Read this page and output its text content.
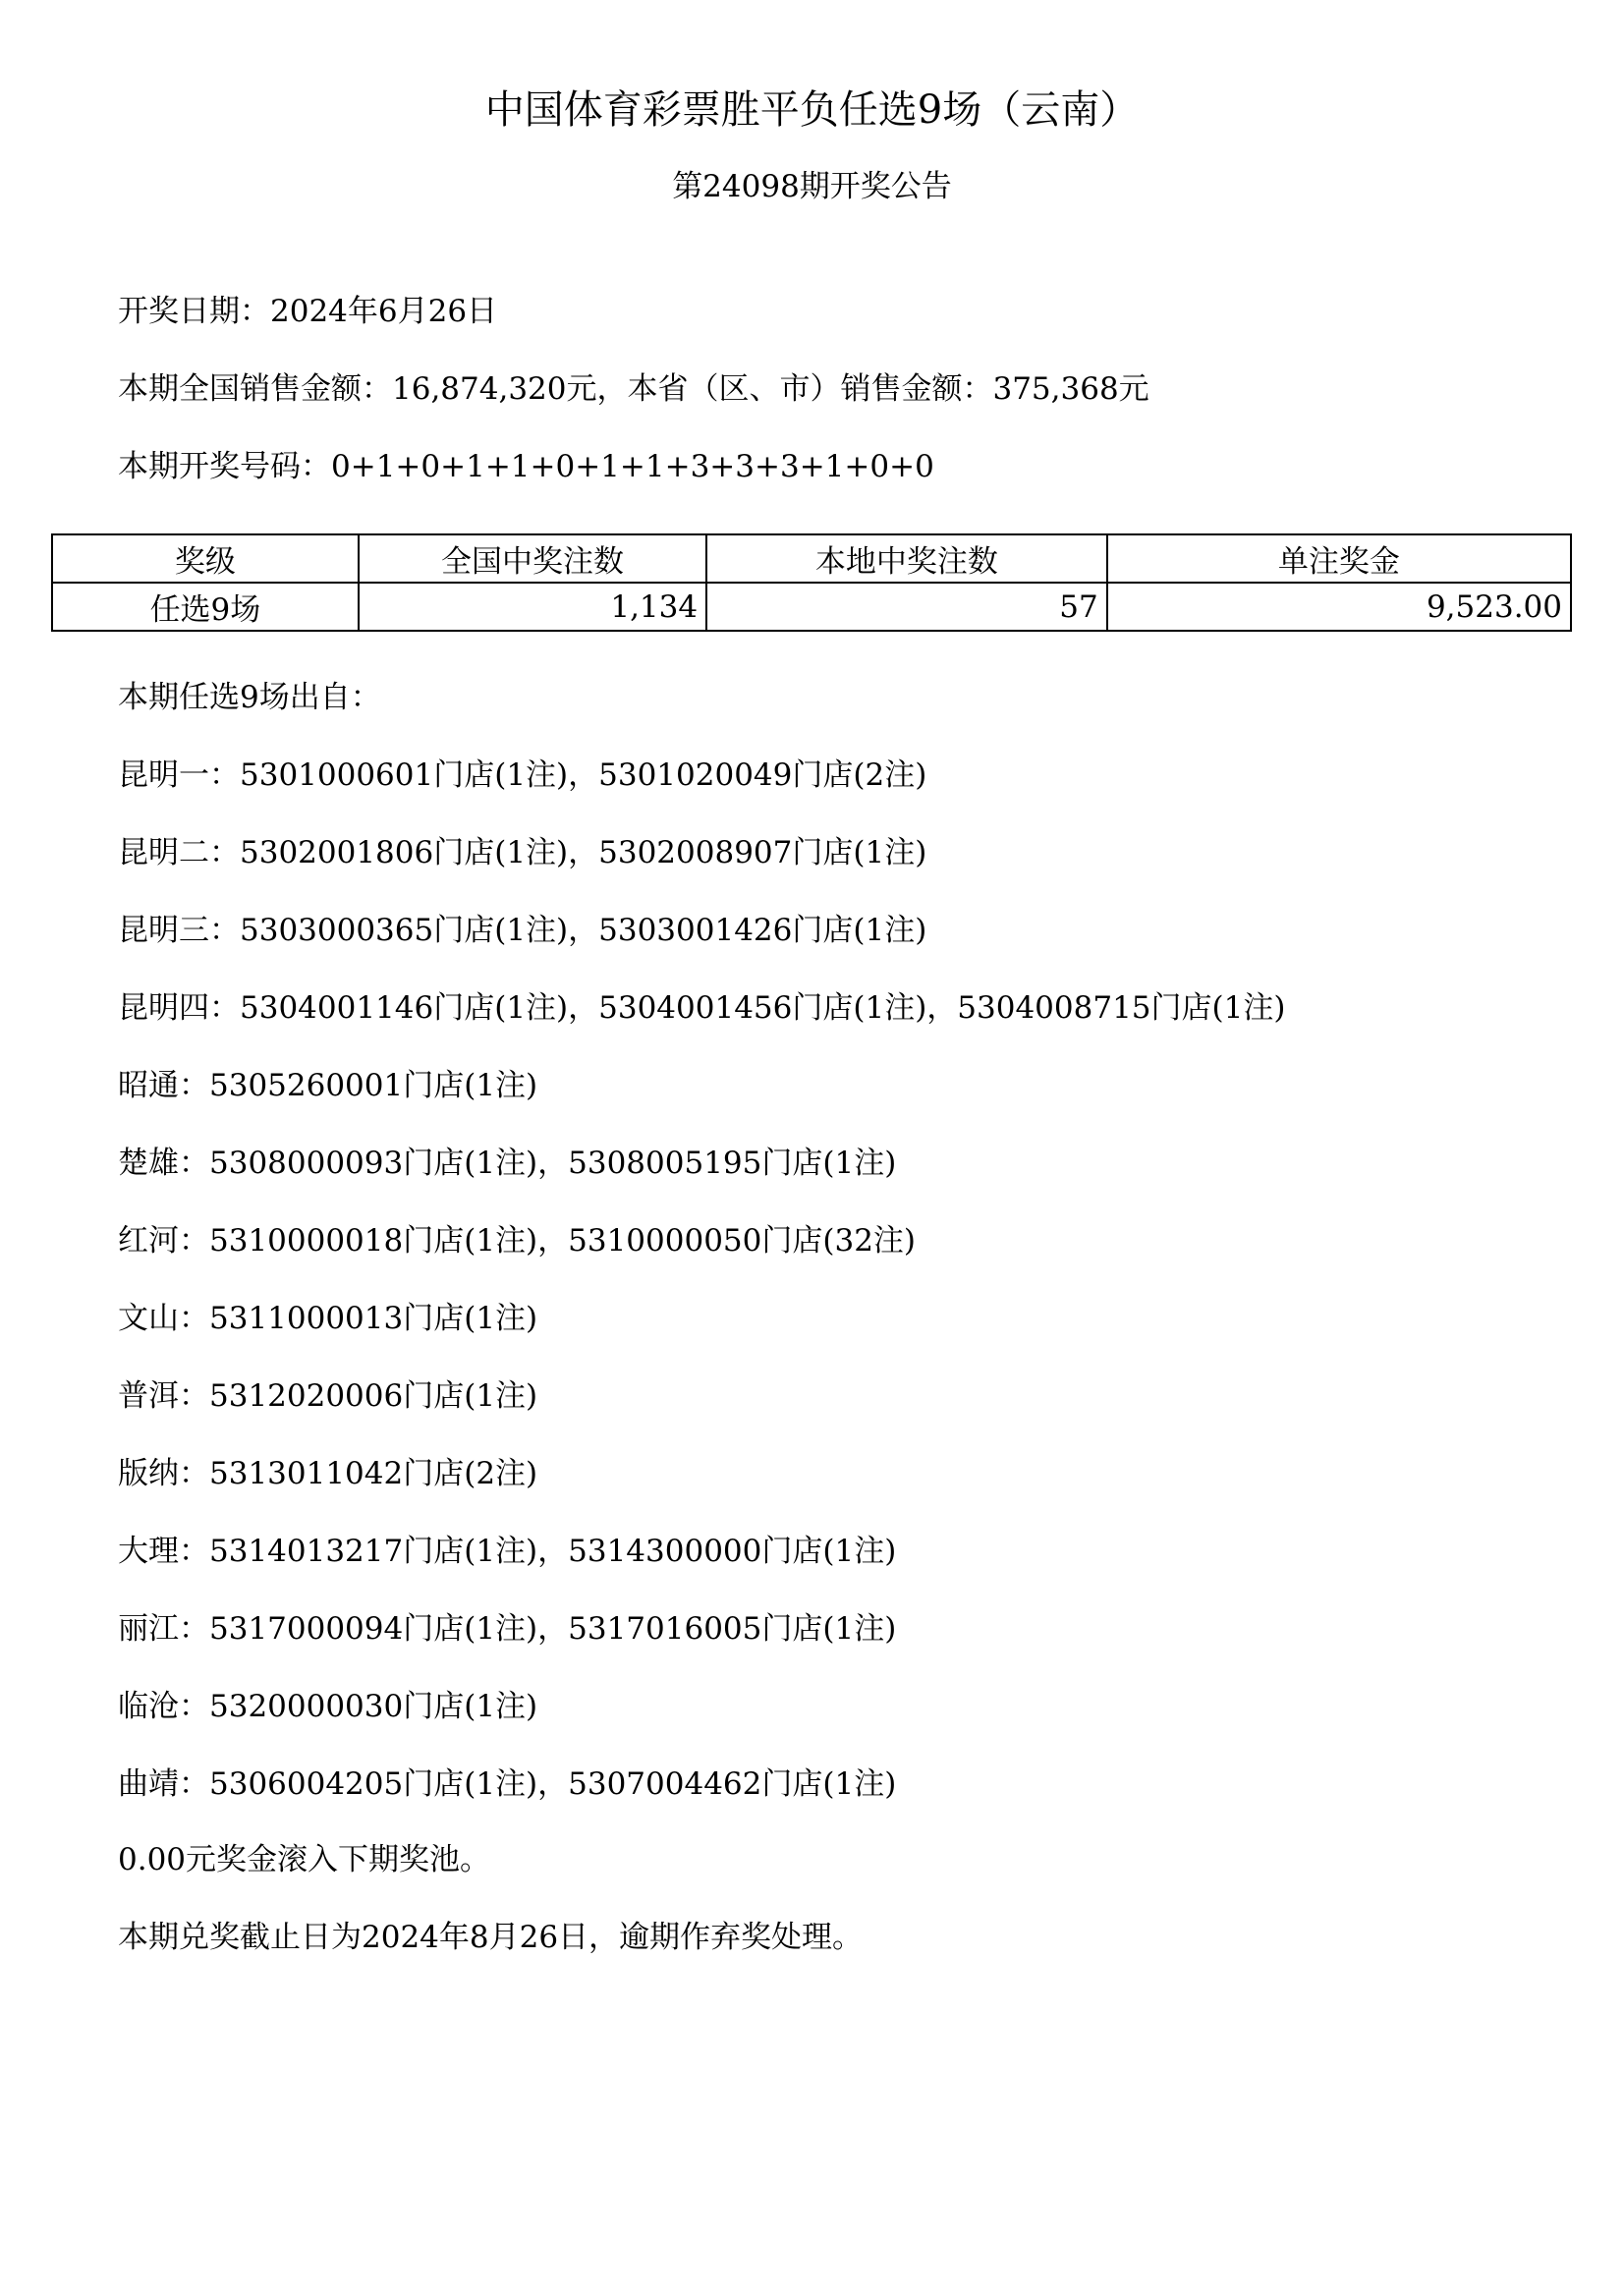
中国体育彩票胜平负任选9场（云南）
第24098期开奖公告
开奖日期：2024年6月26日
本期全国销售金额：16,874,320元，本省（区、市）销售金额：375,368元
本期开奖号码：0+1+0+1+1+0+1+1+3+3+3+1+0+0
奖级	全国中奖注数	本地中奖注数	单注奖金
任选9场	1,134	57	9,523.00
本期任选9场出自：
昆明一：5301000601门店(1注)，5301020049门店(2注)
昆明二：5302001806门店(1注)，5302008907门店(1注)
昆明三：5303000365门店(1注)，5303001426门店(1注)
昆明四：5304001146门店(1注)，5304001456门店(1注)，5304008715门店(1注)
昭通：5305260001门店(1注)
楚雄：5308000093门店(1注)，5308005195门店(1注)
红河：5310000018门店(1注)，5310000050门店(32注)
文山：5311000013门店(1注)
普洱：5312020006门店(1注)
版纳：5313011042门店(2注)
大理：5314013217门店(1注)，5314300000门店(1注)
丽江：5317000094门店(1注)，5317016005门店(1注)
临沧：5320000030门店(1注)
曲靖：5306004205门店(1注)，5307004462门店(1注)
0.00元奖金滚入下期奖池。
本期兑奖截止日为2024年8月26日，逾期作弃奖处理。
